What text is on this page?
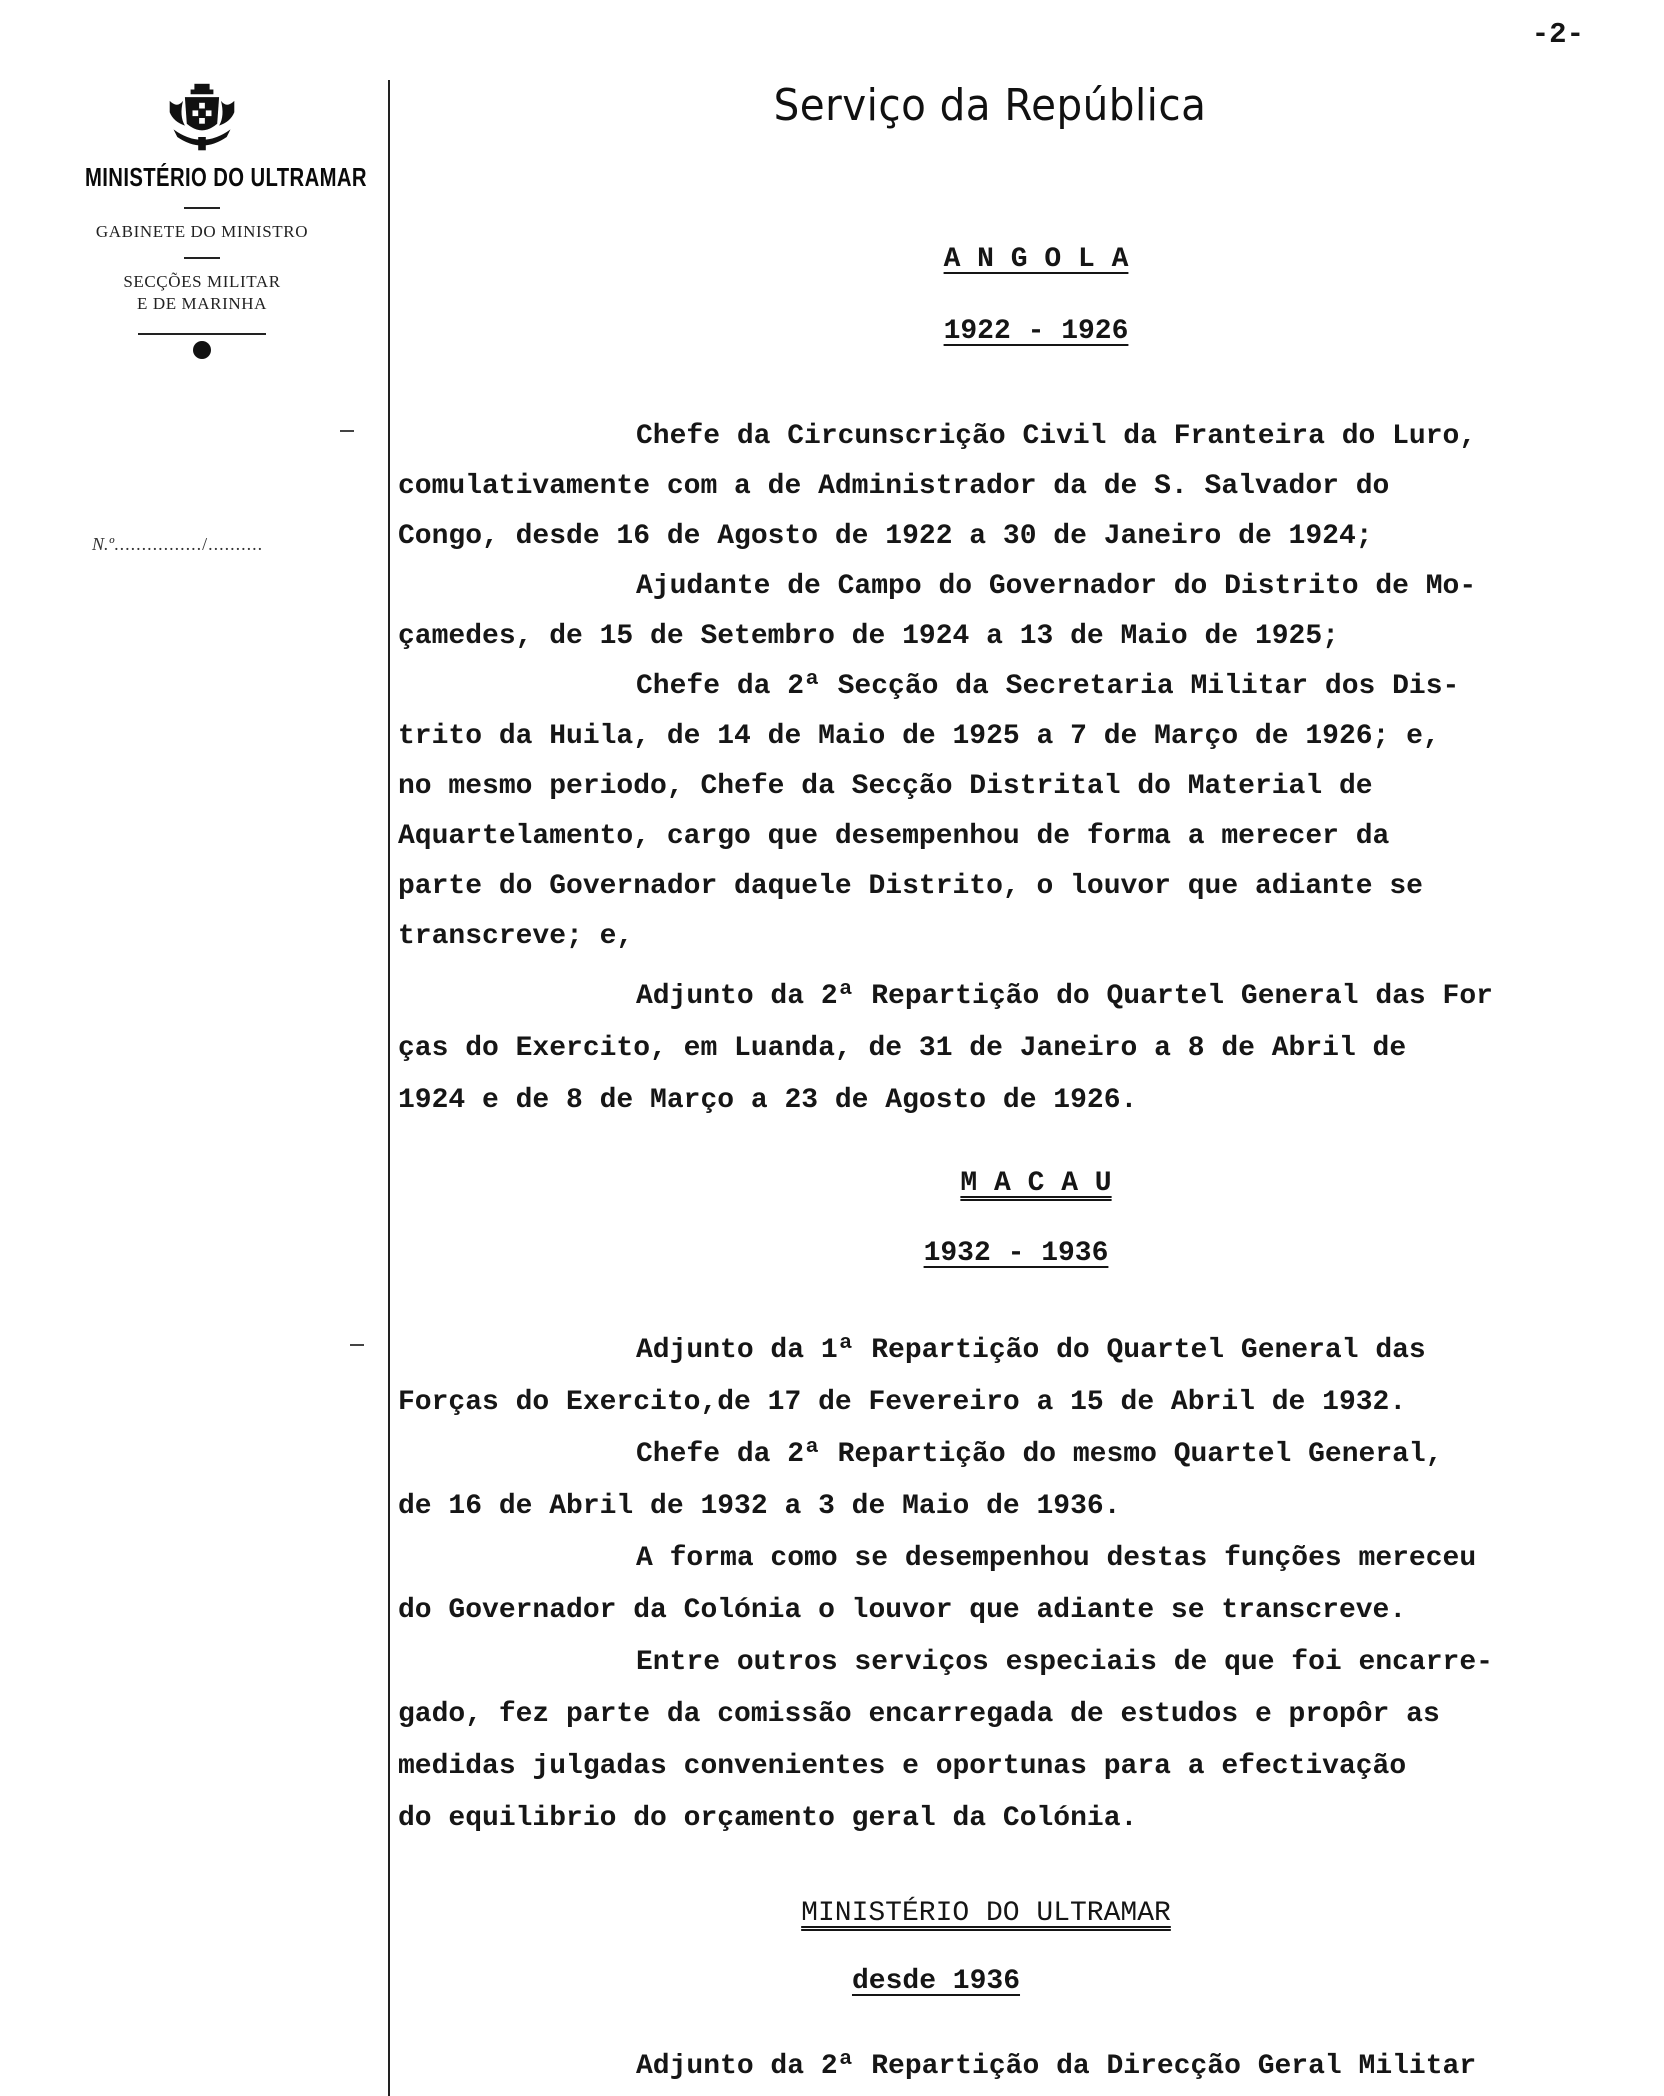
-2-
MINISTÉRIO DO ULTRAMAR
GABINETE DO MINISTRO
SECÇÕES MILITAR
E DE MARINHA
N.º................/..........
Serviço da República
A N G O L A
1922 - 1926
Chefe da Circunscrição Civil da Franteira do Luro,
comulativamente com a de Administrador da de S. Salvador do
Congo, desde 16 de Agosto de 1922 a 30 de Janeiro de 1924;
Ajudante de Campo do Governador do Distrito de Mo-
çamedes, de 15 de Setembro de 1924 a 13 de Maio de 1925;
Chefe da 2ª Secção da Secretaria Militar dos Dis-
trito da Huila, de 14 de Maio de 1925 a 7 de Março de 1926; e,
no mesmo periodo, Chefe da Secção Distrital do Material de
Aquartelamento, cargo que desempenhou de forma a merecer da
parte do Governador daquele Distrito, o louvor que adiante se
transcreve; e,
Adjunto da 2ª Repartição do Quartel General das For
ças do Exercito, em Luanda, de 31 de Janeiro a 8 de Abril de
1924 e de 8 de Março a 23 de Agosto de 1926.
M A C A U
1932 - 1936
Adjunto da 1ª Repartição do Quartel General das
Forças do Exercito,de 17 de Fevereiro a 15 de Abril de 1932.
Chefe da 2ª Repartição do mesmo Quartel General,
de 16 de Abril de 1932 a 3 de Maio de 1936.
A forma como se desempenhou destas funções mereceu
do Governador da Colónia o louvor que adiante se transcreve.
Entre outros serviços especiais de que foi encarre-
gado, fez parte da comissão encarregada de estudos e propôr as
medidas julgadas convenientes e oportunas para a efectivação
do equilibrio do orçamento geral da Colónia.
MINISTÉRIO DO ULTRAMAR
desde 1936
Adjunto da 2ª Repartição da Direcção Geral Militar
